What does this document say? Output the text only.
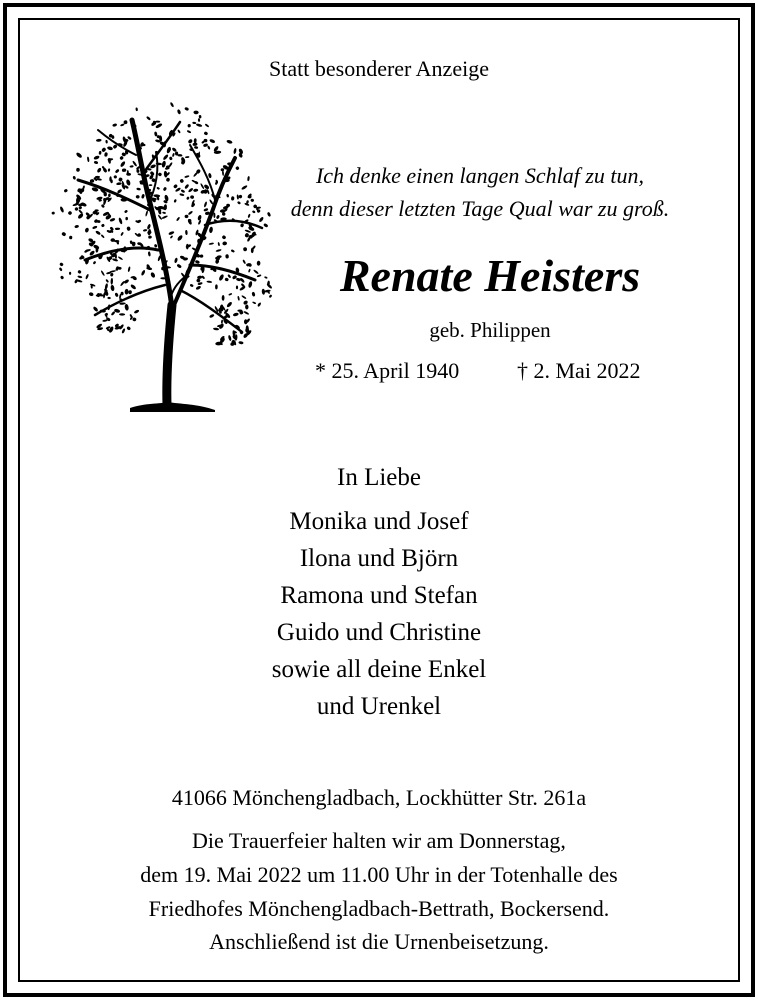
Statt besonderer Anzeige
Ich denke einen langen Schlaf zu tun,
denn dieser letzten Tage Qual war zu groß.
Renate Heisters
geb. Philippen
* 25. April 1940	† 2. Mai 2022
In Liebe
Monika und Josef
Ilona und Björn
Ramona und Stefan
Guido und Christine
sowie all deine Enkel
und Urenkel
41066 Mönchengladbach, Lockhütter Str. 261a
Die Trauerfeier halten wir am Donnerstag,
dem 19. Mai 2022 um 11.00 Uhr in der Totenhalle des
Friedhofes Mönchengladbach-Bettrath, Bockersend.
Anschließend ist die Urnenbeisetzung.
